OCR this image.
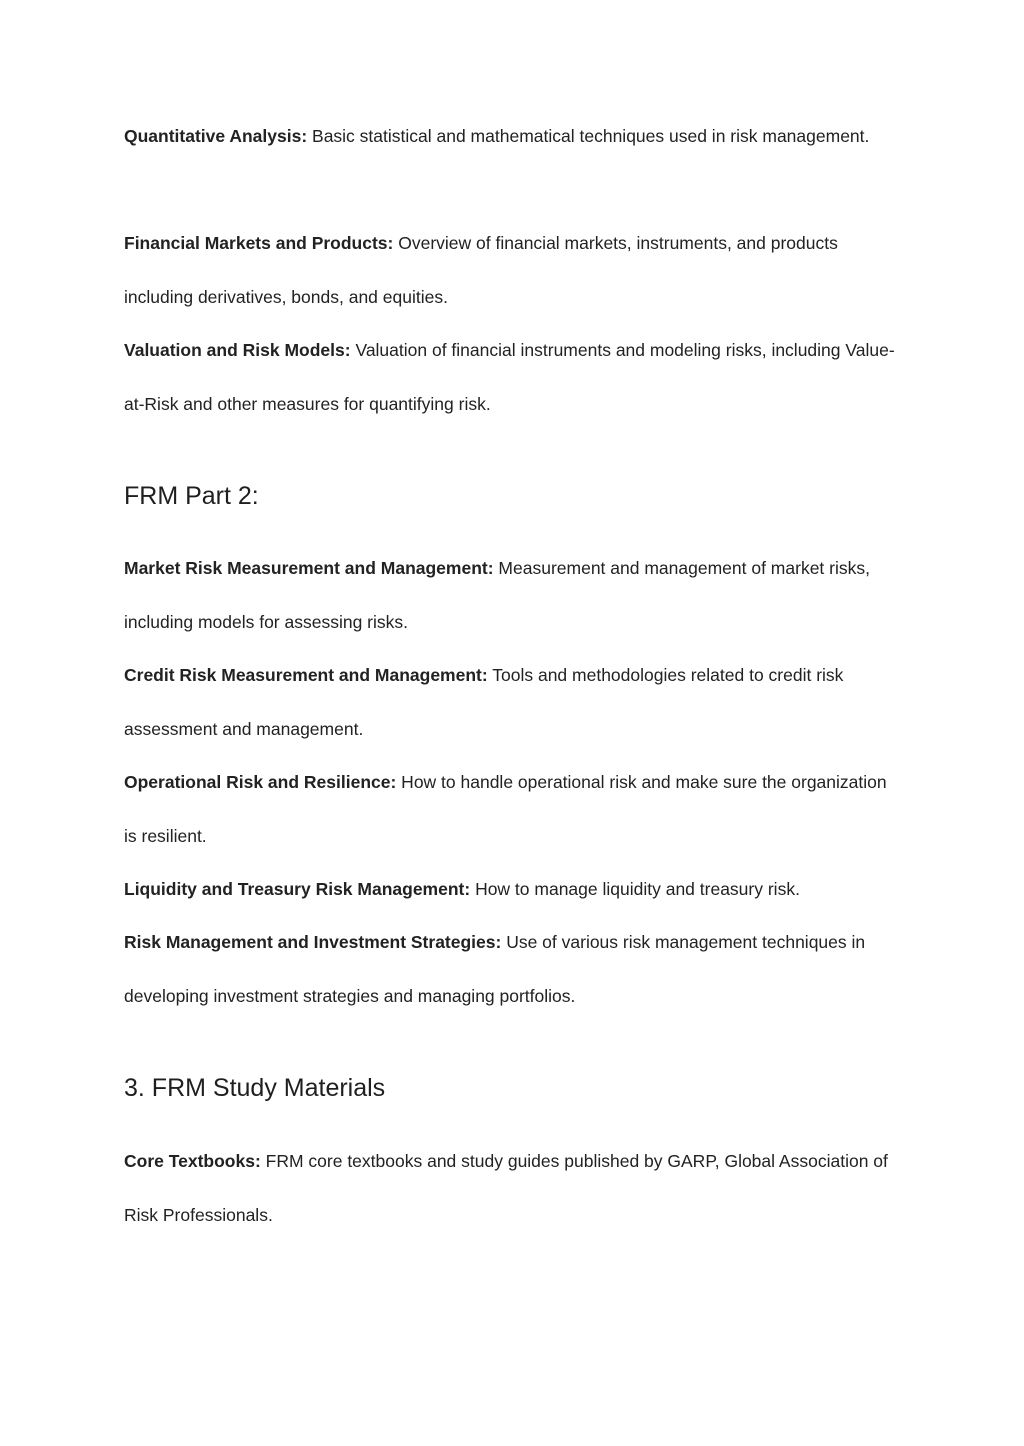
Quantitative Analysis: Basic statistical and mathematical techniques used in risk management.

Financial Markets and Products: Overview of financial markets, instruments, and products including derivatives, bonds, and equities.

Valuation and Risk Models: Valuation of financial instruments and modeling risks, including Value-at-Risk and other measures for quantifying risk.

FRM Part 2:

Market Risk Measurement and Management: Measurement and management of market risks, including models for assessing risks.

Credit Risk Measurement and Management: Tools and methodologies related to credit risk assessment and management.

Operational Risk and Resilience: How to handle operational risk and make sure the organization is resilient.

Liquidity and Treasury Risk Management: How to manage liquidity and treasury risk.

Risk Management and Investment Strategies: Use of various risk management techniques in developing investment strategies and managing portfolios.

3. FRM Study Materials

Core Textbooks: FRM core textbooks and study guides published by GARP, Global Association of Risk Professionals.
